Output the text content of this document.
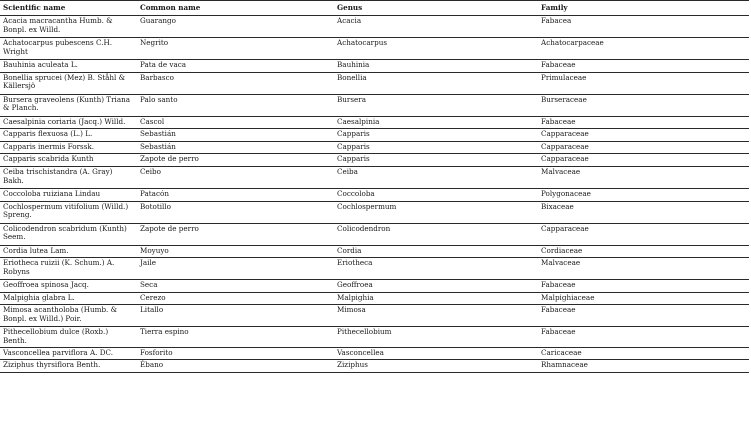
Scientific name	Common name	Genus	Family
Acacia macracantha Humb. & Bonpl. ex Willd.	Guarango	Acacia	Fabacea
Achatocarpus pubescens C.H. Wright	Negrito	Achatocarpus	Achatocarpaceae
Bauhinia aculeata L.	Pata de vaca	Bauhinia	Fabaceae
Bonellia sprucei (Mez) B. Ståhl & Källersjö	Barbasco	Bonellia	Primulaceae
Bursera graveolens (Kunth) Triana & Planch.	Palo santo	Bursera	Burseraceae
Caesalpinia coriaria (Jacq.) Willd.	Cascol	Caesalpinia	Fabaceae
Capparis flexuosa (L.) L.	Sebastián	Capparis	Capparaceae
Capparis inermis Forssk.	Sebastián	Capparis	Capparaceae
Capparis scabrida Kunth	Zapote de perro	Capparis	Capparaceae
Ceiba trischistandra (A. Gray) Bakh.	Ceibo	Ceiba	Malvaceae
Coccoloba ruiziana Lindau	Patacón	Coccoloba	Polygonaceae
Cochlospermum vitifolium (Willd.) Spreng.	Bototillo	Cochlospermum	Bixaceae
Colicodendron scabridum (Kunth) Seem.	Zapote de perro	Colicodendron	Capparaceae
Cordia lutea Lam.	Moyuyo	Cordia	Cordiaceae
Eriotheca ruizii (K. Schum.) A. Robyns	Jaile	Eriotheca	Malvaceae
Geoffroea spinosa Jacq.	Seca	Geoffroea	Fabaceae
Malpighia glabra L.	Cerezo	Malpighia	Malpighiaceae
Mimosa acantholoba (Humb. & Bonpl. ex Willd.) Poir.	Litallo	Mimosa	Fabaceae
Pithecellobium dulce (Roxb.) Benth.	Tierra espino	Pithecellobium	Fabaceae
Vasconcellea parviflora A. DC.	Fosforito	Vasconcellea	Caricaceae
Ziziphus thyrsiflora Benth.	Ébano	Ziziphus	Rhamnaceae
